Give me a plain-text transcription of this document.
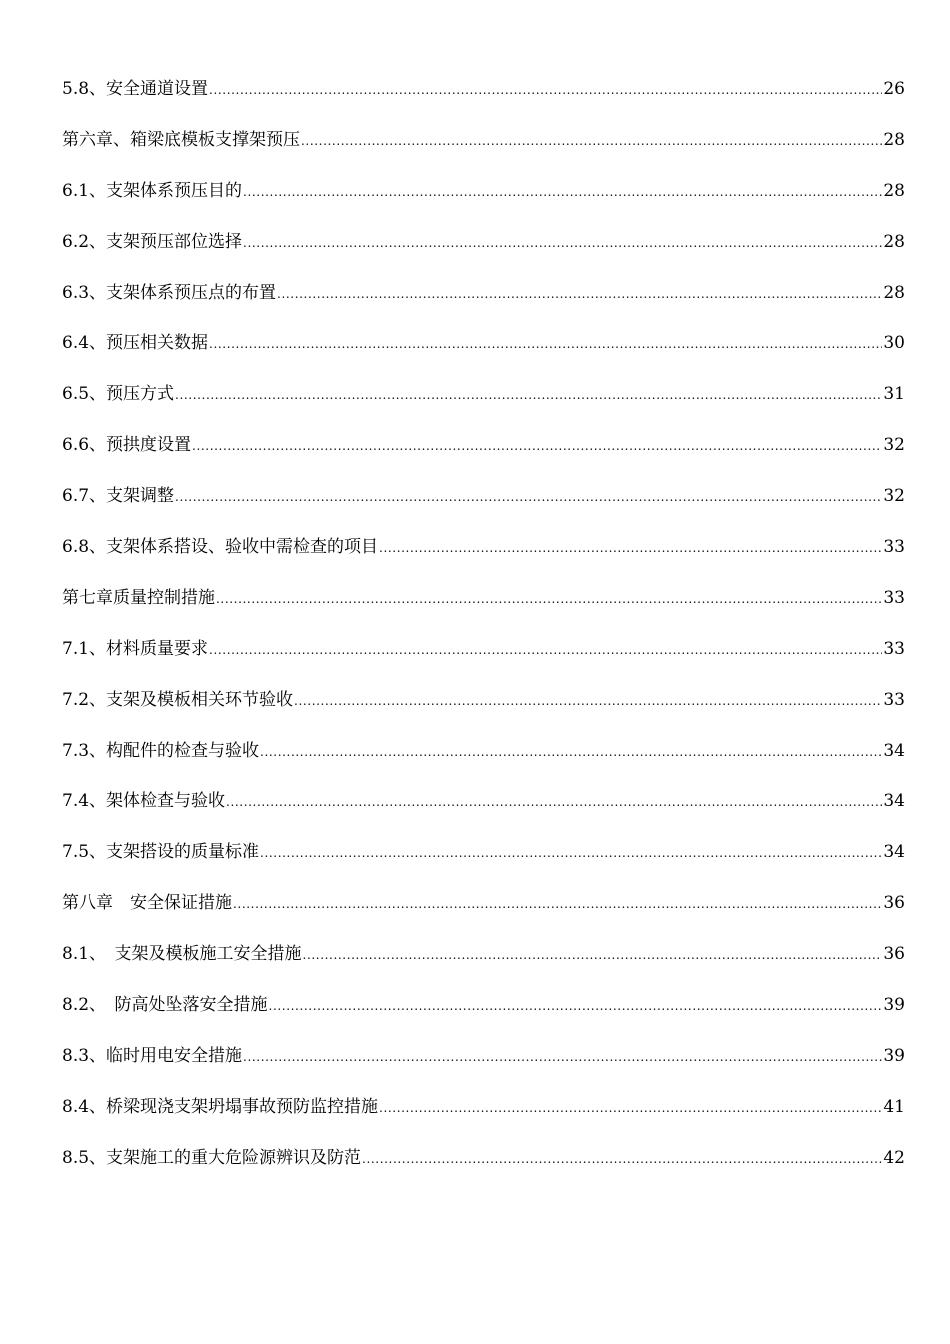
5.8、安全通道设置 .....	26
第六章、箱梁底模板支撑架预压 .....	28
6.1、支架体系预压目的 .....	28
6.2、支架预压部位选择 .....	28
6.3、支架体系预压点的布置 .....	28
6.4、预压相关数据 .....	30
6.5、预压方式 .....	31
6.6、预拱度设置 .....	32
6.7、支架调整 .....	32
6.8、支架体系搭设、验收中需检查的项目 .....	33
第七章质量控制措施 .....	33
7.1、材料质量要求 .....	33
7.2、支架及模板相关环节验收 .....	33
7.3、构配件的检查与验收 .....	34
7.4、架体检查与验收 .....	34
7.5、支架搭设的质量标准 .....	34
第八章　安全保证措施 .....	36
8.1、　支架及模板施工安全措施 .....	36
8.2、　防高处坠落安全措施 .....	39
8.3、临时用电安全措施 .....	39
8.4、桥梁现浇支架坍塌事故预防监控措施 .....	41
8.5、支架施工的重大危险源辨识及防范 .....	42
